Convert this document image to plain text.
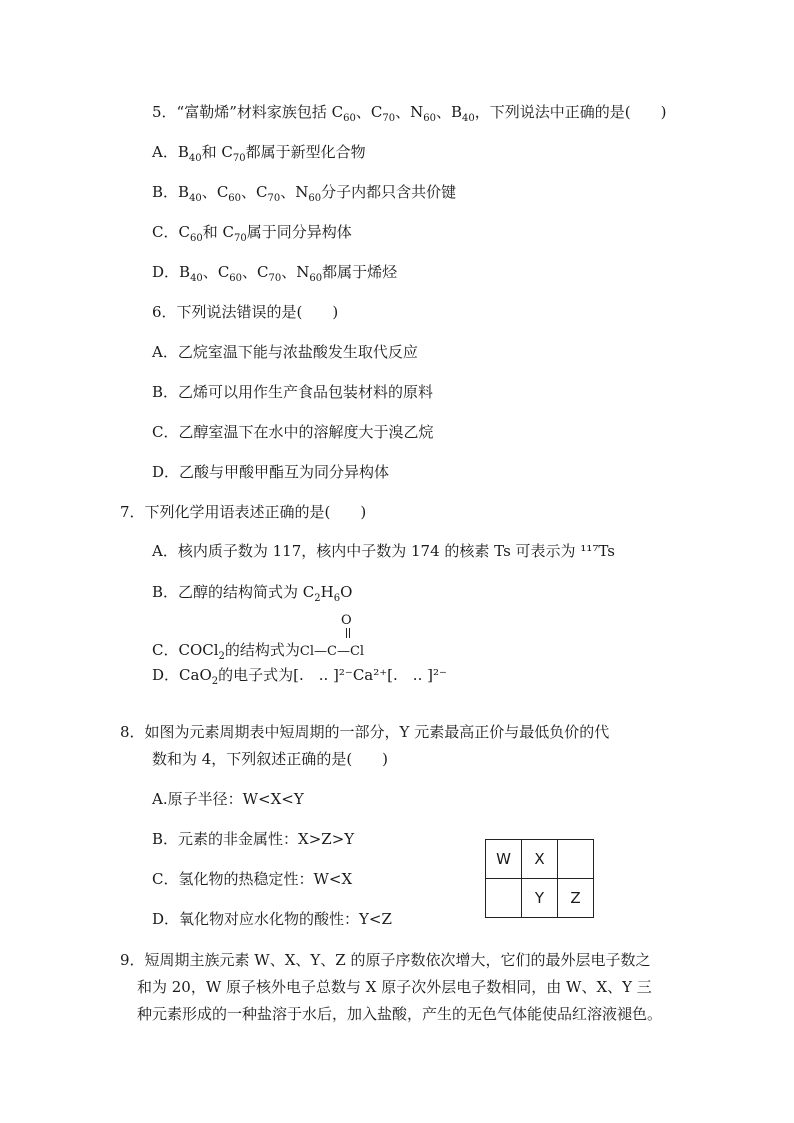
5．“富勒烯”材料家族包括 $C_{60}$、$C_{70}$、$N_{60}$、$B_{40}$，下列说法中正确的是(　　)
A．$B_{40}$和 $C_{70}$都属于新型化合物
B．$B_{40}$、$C_{60}$、$C_{70}$、$N_{60}$分子内都只含共价键
C．$C_{60}$和 $C_{70}$属于同分异构体
D．$B_{40}$、$C_{60}$、$C_{70}$、$N_{60}$都属于烯烃
6．下列说法错误的是(　　)
A．乙烷室温下能与浓盐酸发生取代反应
B．乙烯可以用作生产食品包装材料的原料
C．乙醇室温下在水中的溶解度大于溴乙烷
D．乙酸与甲酸甲酯互为同分异构体
7．下列化学用语表述正确的是(　　)
A．核内质子数为 117，核内中子数为 174 的核素 Ts 可表示为 ¹¹⁷Ts
B．乙醇的结构简式为 $C_2H_6O$
O
C．COCl$_2$的结构式为Cl—C—Cl
D．CaO$_2$的电子式为[.　.. ]²⁻Ca²⁺[.　.. ]²⁻
8．如图为元素周期表中短周期的一部分，Y 元素最高正价与最低负价的代
数和为 4，下列叙述正确的是(　　)
A.原子半径：W<X<Y
B．元素的非金属性：X>Z>Y
C．氢化物的热稳定性：W<X
D．氧化物对应水化物的酸性：Y<Z
W	X	
	Y	Z
9．短周期主族元素 W、X、Y、Z 的原子序数依次增大，它们的最外层电子数之
和为 20，W 原子核外电子总数与 X 原子次外层电子数相同，由 W、X、Y 三
种元素形成的一种盐溶于水后，加入盐酸，产生的无色气体能使品红溶液褪色。
